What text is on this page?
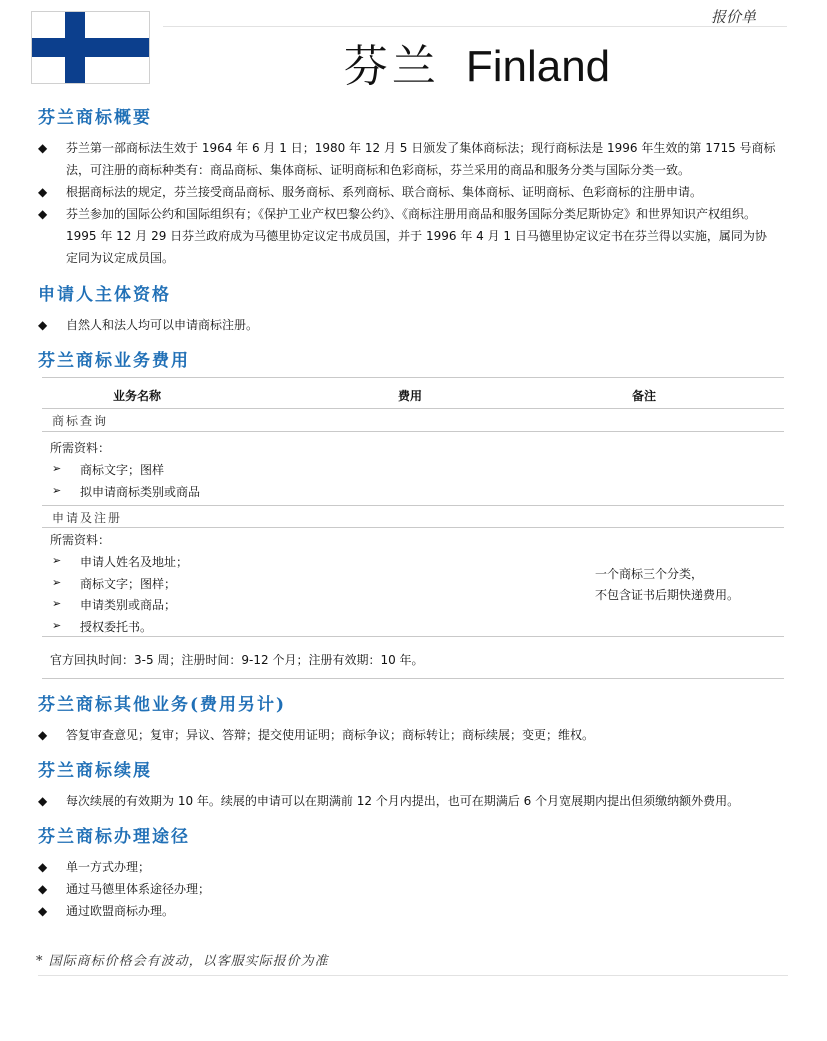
报价单
芬兰 Finland
芬兰商标概要
◆ 芬兰第一部商标法生效于 1964 年 6 月 1 日；1980 年 12 月 5 日颁发了集体商标法；现行商标法是 1996 年生效的第 1715 号商标
法，可注册的商标种类有：商品商标、集体商标、证明商标和色彩商标，芬兰采用的商品和服务分类与国际分类一致。
◆ 根据商标法的规定，芬兰接受商品商标、服务商标、系列商标、联合商标、集体商标、证明商标、色彩商标的注册申请。
◆ 芬兰参加的国际公约和国际组织有；《保护工业产权巴黎公约》、《商标注册用商品和服务国际分类尼斯协定》和世界知识产权组织。
1995 年 12 月 29 日芬兰政府成为马德里协定议定书成员国，并于 1996 年 4 月 1 日马德里协定议定书在芬兰得以实施，属同为协
定同为议定成员国。
申请人主体资格
◆ 自然人和法人均可以申请商标注册。
芬兰商标业务费用
业务名称	费用	备注
商标查询
所需资料：
➢ 商标文字；图样
➢ 拟申请商标类别或商品
申请及注册
所需资料：
➢ 申请人姓名及地址；
➢ 商标文字；图样；
➢ 申请类别或商品；
➢ 授权委托书。
一个商标三个分类，
不包含证书后期快递费用。
官方回执时间：3-5 周；注册时间：9-12 个月；注册有效期：10 年。
芬兰商标其他业务(费用另计)
◆ 答复审查意见；复审；异议、答辩；提交使用证明；商标争议；商标转让；商标续展；变更；维权。
芬兰商标续展
◆ 每次续展的有效期为 10 年。续展的申请可以在期满前 12 个月内提出，也可在期满后 6 个月宽展期内提出但须缴纳额外费用。
芬兰商标办理途径
◆ 单一方式办理；
◆ 通过马德里体系途径办理；
◆ 通过欧盟商标办理。
* 国际商标价格会有波动，以客服实际报价为准
